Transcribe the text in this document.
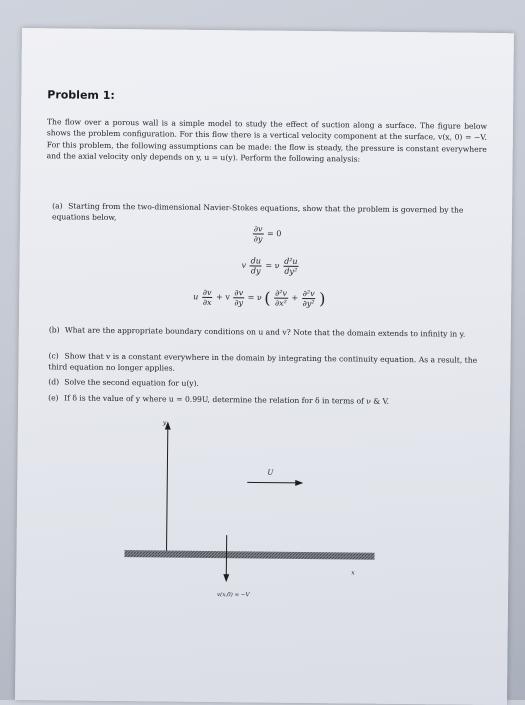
Problem 1:
The flow over a porous wall is a simple model to study the effect of suction along a surface. The figure below shows the problem configuration. For this flow there is a vertical velocity component at the surface, v(x, 0) = −V. For this problem, the following assumptions can be made: the flow is steady, the pressure is constant everywhere and the axial velocity only depends on y, u = u(y). Perform the following analysis:
(a) Starting from the two-dimensional Navier-Stokes equations, show that the problem is governed by the equations below,
$\frac{\partial v}{\partial y} = 0$
v $\frac{du}{dy} = \nu \frac{\text{d²u}}{\text{dy²}}$
u $\frac{\partial v}{\partial x} + v \frac{\partial v}{\partial y} = \nu$ ( $\frac{\text{∂²v}}{\text{∂x²}} + \frac{\text{∂²v}}{\text{∂y²}}$ )
(b) What are the appropriate boundary conditions on u and v? Note that the domain extends to infinity in y.
(c) Show that v is a constant everywhere in the domain by integrating the continuity equation. As a result, the third equation no longer applies.
(d) Solve the second equation for u(y).
(e) If δ is the value of y where u = 0.99U, determine the relation for δ in terms of ν & V.
y
U
x
v(x,0) = −V
